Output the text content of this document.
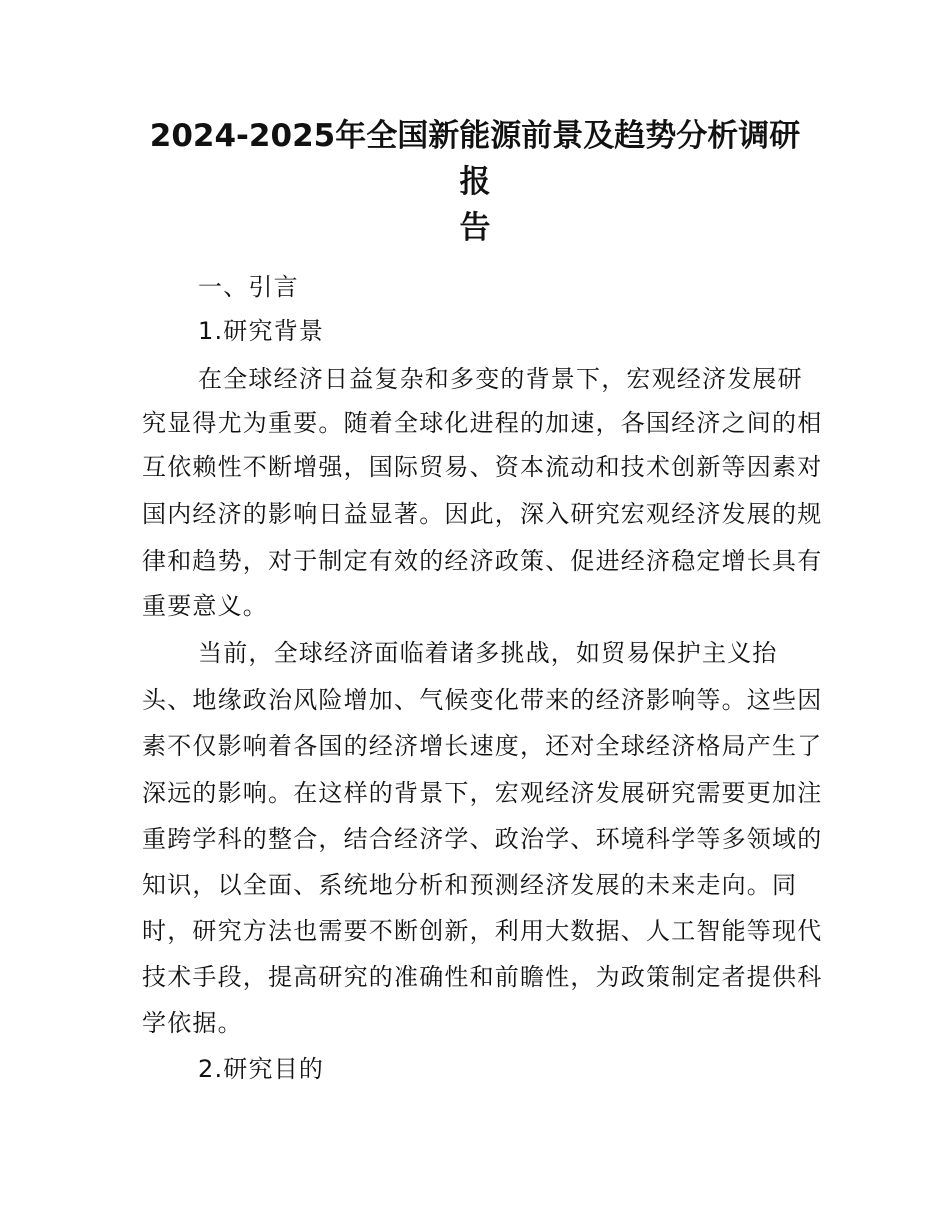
2024-2025年全国新能源前景及趋势分析调研报
告
一、引言
1.研究背景
在全球经济日益复杂和多变的背景下，宏观经济发展研
究显得尤为重要。随着全球化进程的加速，各国经济之间的相
互依赖性不断增强，国际贸易、资本流动和技术创新等因素对
国内经济的影响日益显著。因此，深入研究宏观经济发展的规
律和趋势，对于制定有效的经济政策、促进经济稳定增长具有
重要意义。
当前，全球经济面临着诸多挑战，如贸易保护主义抬
头、地缘政治风险增加、气候变化带来的经济影响等。这些因
素不仅影响着各国的经济增长速度，还对全球经济格局产生了
深远的影响。在这样的背景下，宏观经济发展研究需要更加注
重跨学科的整合，结合经济学、政治学、环境科学等多领域的
知识，以全面、系统地分析和预测经济发展的未来走向。同
时，研究方法也需要不断创新，利用大数据、人工智能等现代
技术手段，提高研究的准确性和前瞻性，为政策制定者提供科
学依据。
2.研究目的
